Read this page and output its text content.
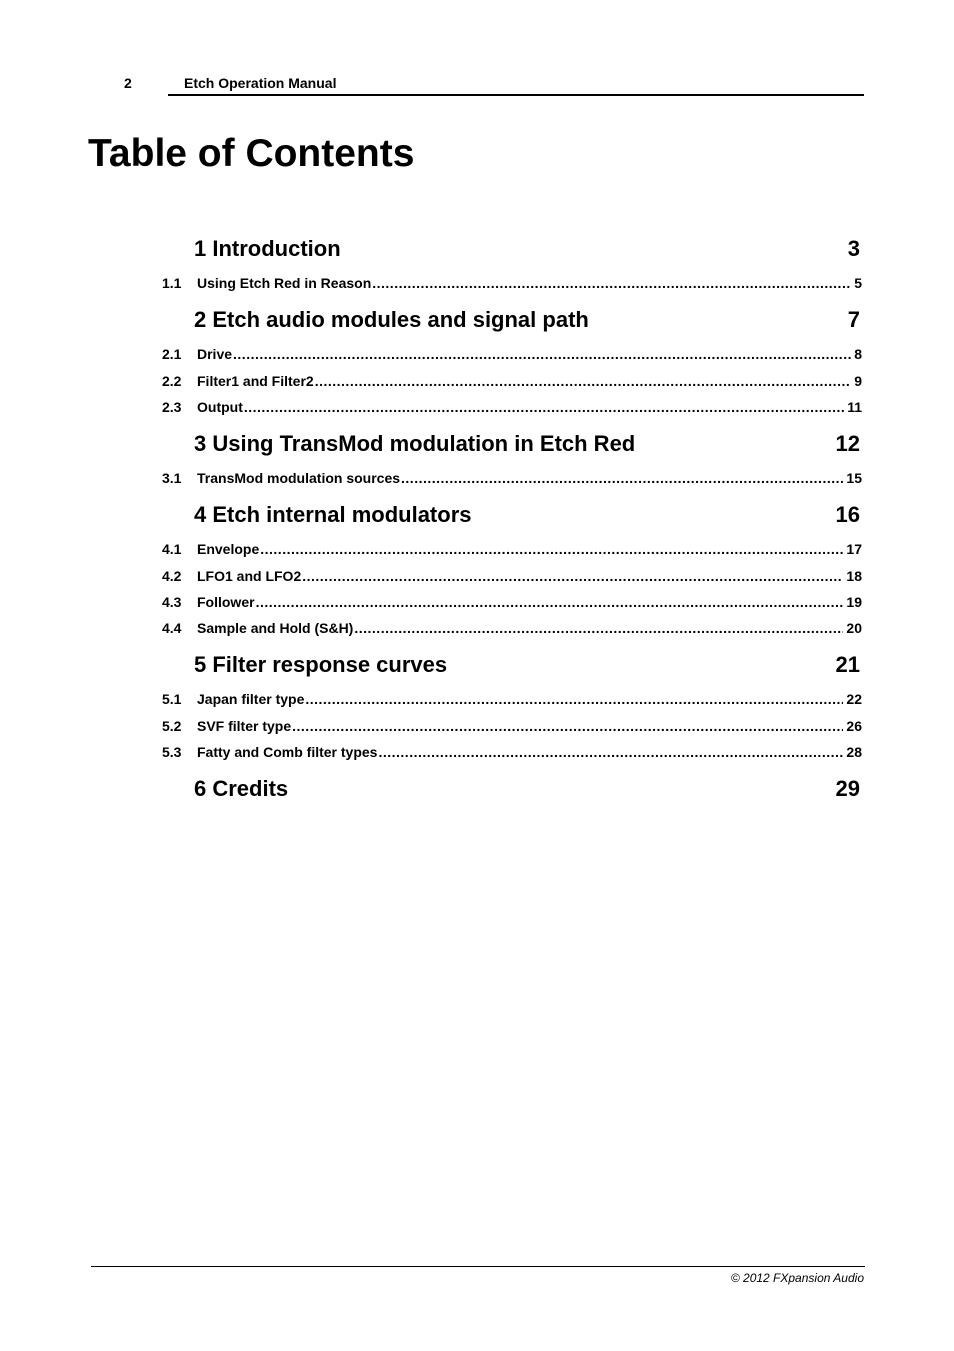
2	Etch Operation Manual
Table of Contents
1 Introduction	3
1.1	Using Etch Red in Reason .....	5
2 Etch audio modules and signal path	7
2.1	Drive .....	8
2.2	Filter1 and Filter2 .....	9
2.3	Output .....	11
3 Using TransMod modulation in Etch Red	12
3.1	TransMod modulation sources .....	15
4 Etch internal modulators	16
4.1	Envelope .....	17
4.2	LFO1 and LFO2 .....	18
4.3	Follower .....	19
4.4	Sample and Hold (S&H) .....	20
5 Filter response curves	21
5.1	Japan filter type .....	22
5.2	SVF filter type .....	26
5.3	Fatty and Comb filter types .....	28
6 Credits	29
© 2012 FXpansion Audio
